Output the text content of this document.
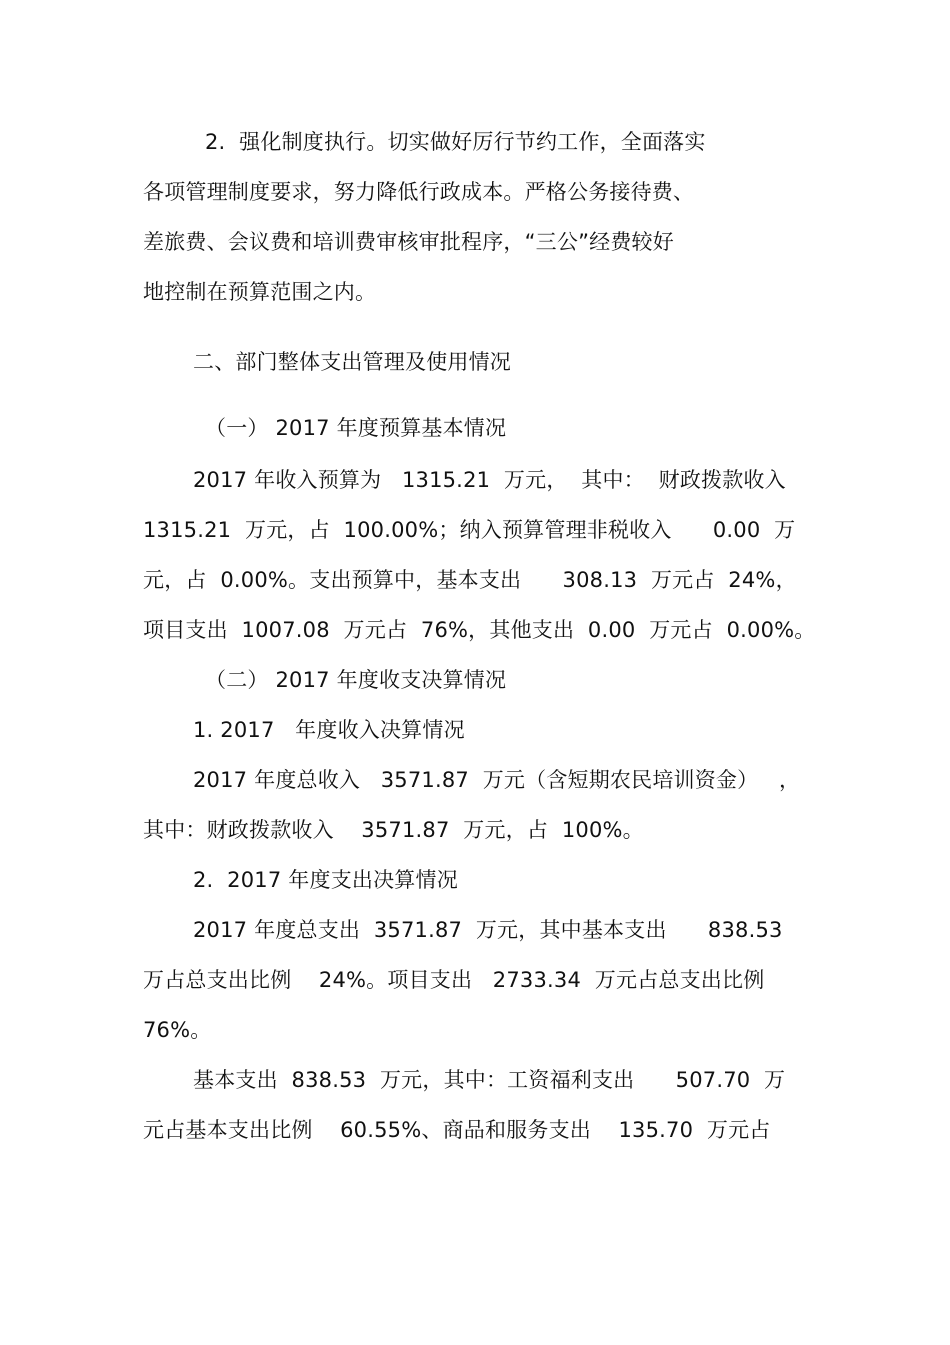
2.  强化制度执行。切实做好厉行节约工作，全面落实
各项管理制度要求，努力降低行政成本。严格公务接待费、
差旅费、会议费和培训费审核审批程序，“三公”经费较好
地控制在预算范围之内。
二、部门整体支出管理及使用情况
（一） 2017 年度预算基本情况
2017 年收入预算为   1315.21  万元，  其中：  财政拨款收入
1315.21  万元，占  100.00%；纳入预算管理非税收入      0.00  万
元，占  0.00%。支出预算中，基本支出      308.13  万元占  24%，
项目支出  1007.08  万元占  76%，其他支出  0.00  万元占  0.00%。
（二） 2017 年度收支决算情况
1. 2017   年度收入决算情况
2017 年度总收入   3571.87  万元（含短期农民培训资金）   ，
其中：财政拨款收入    3571.87  万元，占  100%。
2.  2017 年度支出决算情况
2017 年度总支出  3571.87  万元，其中基本支出      838.53
万占总支出比例    24%。项目支出   2733.34  万元占总支出比例
76%。
基本支出  838.53  万元，其中：工资福利支出      507.70  万
元占基本支出比例    60.55%、商品和服务支出    135.70  万元占
